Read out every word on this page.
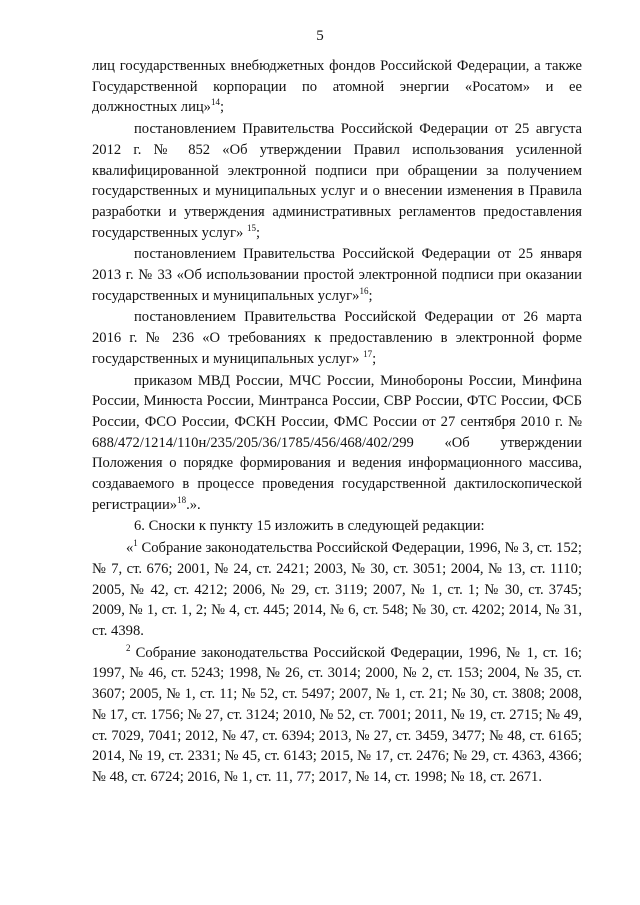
5

лиц государственных внебюджетных фондов Российской Федерации, а также Государственной корпорации по атомной энергии «Росатом» и ее должностных лиц»$^{14}$;

постановлением Правительства Российской Федерации от 25 августа 2012 г. № 852 «Об утверждении Правил использования усиленной квалифицированной электронной подписи при обращении за получением государственных и муниципальных услуг и о внесении изменения в Правила разработки и утверждения административных регламентов предоставления государственных услуг» $^{15}$;

постановлением Правительства Российской Федерации от 25 января 2013 г. № 33 «Об использовании простой электронной подписи при оказании государственных и муниципальных услуг»$^{16}$;

постановлением Правительства Российской Федерации от 26 марта 2016 г. № 236 «О требованиях к предоставлению в электронной форме государственных и муниципальных услуг» $^{17}$;

приказом МВД России, МЧС России, Минобороны России, Минфина России, Минюста России, Минтранса России, СВР России, ФТС России, ФСБ России, ФСО России, ФСКН России, ФМС России от 27 сентября 2010 г. № 688/472/1214/110н/235/205/36/1785/456/468/402/299 «Об утверждении Положения о порядке формирования и ведения информационного массива, создаваемого в процессе проведения государственной дактилоскопической регистрации»$^{18}$.».

6. Сноски к пункту 15 изложить в следующей редакции:

«$^1$ Собрание законодательства Российской Федерации, 1996, № 3, ст. 152; № 7, ст. 676; 2001, № 24, ст. 2421; 2003, № 30, ст. 3051; 2004, № 13, ст. 1110; 2005, № 42, ст. 4212; 2006, № 29, ст. 3119; 2007, № 1, ст. 1; № 30, ст. 3745; 2009, № 1, ст. 1, 2; № 4, ст. 445; 2014, № 6, ст. 548; № 30, ст. 4202; 2014, № 31, ст. 4398.

$^2$ Собрание законодательства Российской Федерации, 1996, № 1, ст. 16; 1997, № 46, ст. 5243; 1998, № 26, ст. 3014; 2000, № 2, ст. 153; 2004, № 35, ст. 3607; 2005, № 1, ст. 11; № 52, ст. 5497; 2007, № 1, ст. 21; № 30, ст. 3808; 2008, № 17, ст. 1756; № 27, ст. 3124; 2010, № 52, ст. 7001; 2011, № 19, ст. 2715; № 49, ст. 7029, 7041; 2012, № 47, ст. 6394; 2013, № 27, ст. 3459, 3477; № 48, ст. 6165; 2014, № 19, ст. 2331; № 45, ст. 6143; 2015, № 17, ст. 2476; № 29, ст. 4363, 4366; № 48, ст. 6724; 2016, № 1, ст. 11, 77; 2017, № 14, ст. 1998; № 18, ст. 2671.
